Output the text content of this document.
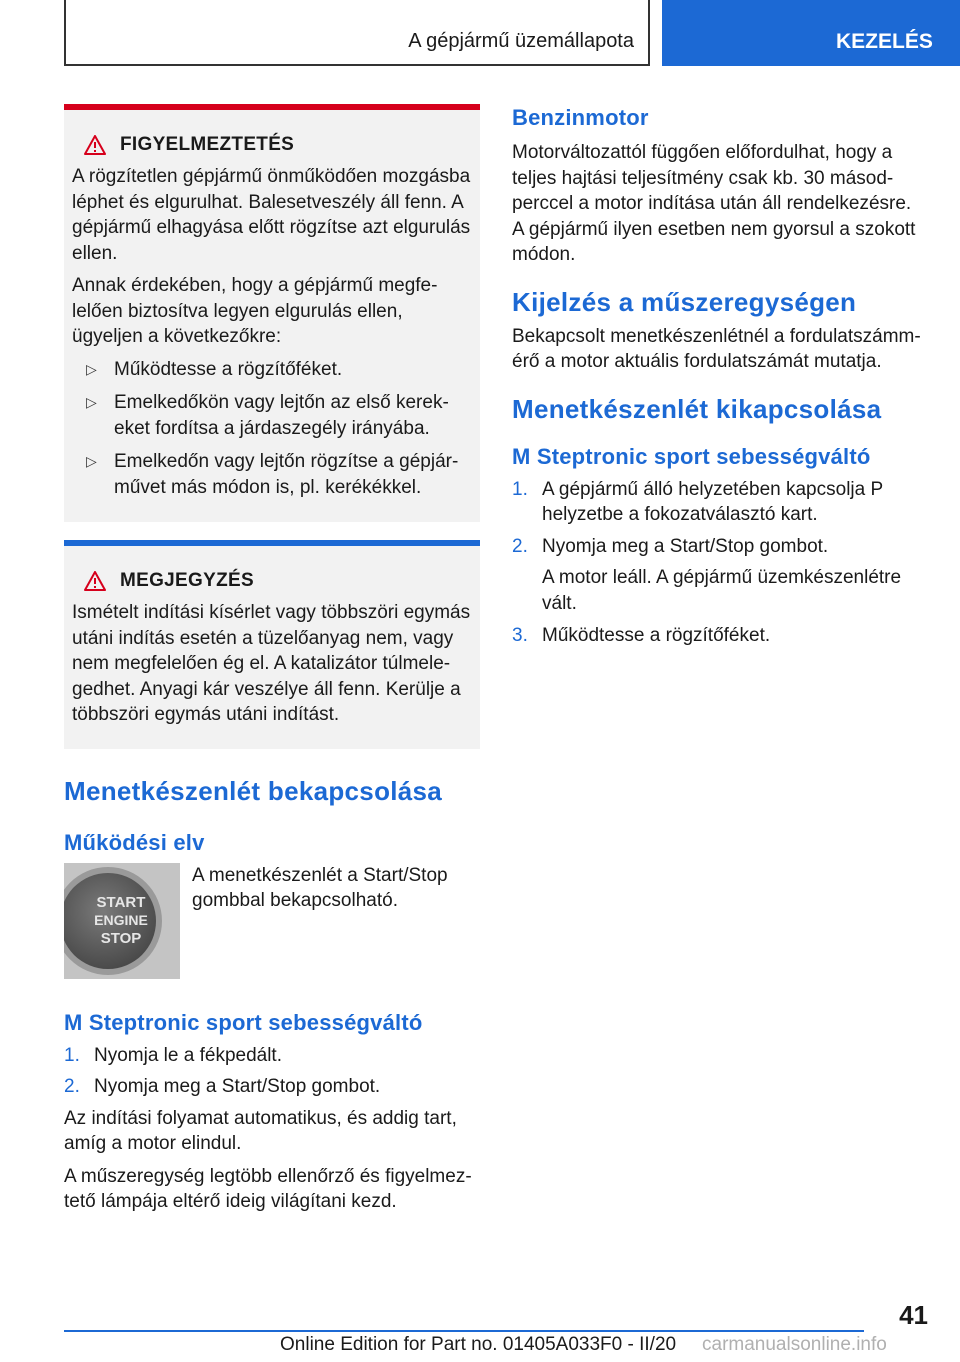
A gépjármű üzemállapota	KEZELÉS
FIGYELMEZTETÉS

A rögzítetlen gépjármű önműködően mozgásba léphet és elgurulhat. Balesetveszély áll fenn. A gépjármű elhagyása előtt rögzítse azt elgurulás ellen.

Annak érdekében, hogy a gépjármű megfe-lelően biztosítva legyen elgurulás ellen, ügyeljen a következőkre:

▷ Működtesse a rögzítőféket.
▷ Emelkedőkön vagy lejtőn az első kerek-eket fordítsa a járdaszegély irányába.
▷ Emelkedőn vagy lejtőn rögzítse a gépjár-művet más módon is, pl. kerékékkel.
MEGJEGYZÉS

Ismételt indítási kísérlet vagy többszöri egymás utáni indítás esetén a tüzelőanyag nem, vagy nem megfelelően ég el. A katalizátor túlmele-gedhet. Anyagi kár veszélye áll fenn. Kerülje a többszöri egymás utáni indítást.

Menetkészenlét bekapcsolása
Működési elv
START
ENGINE
STOP

A menetkészenlét a Start/Stop gombbal bekapcsolható.

M Steptronic sport sebességváltó
1. Nyomja le a fékpedált.
2. Nyomja meg a Start/Stop gombot.

Az indítási folyamat automatikus, és addig tart, amíg a motor elindul.

A műszeregység legtöbb ellenőrző és figyelmez-tető lámpája eltérő ideig világítani kezd.

Benzinmotor

Motorváltozattól függően előfordulhat, hogy a teljes hajtási teljesítmény csak kb. 30 másod-perccel a motor indítása után áll rendelkezésre. A gépjármű ilyen esetben nem gyorsul a szokott módon.

Kijelzés a műszeregységen

Bekapcsolt menetkészenlétnél a fordulatszámm-érő a motor aktuális fordulatszámát mutatja.

Menetkészenlét kikapcsolása
M Steptronic sport sebességváltó
1. A gépjármű álló helyzetében kapcsolja P helyzetbe a fokozatválasztó kart.
2. Nyomja meg a Start/Stop gombot.

A motor leáll. A gépjármű üzemkészenlétre vált.

3. Működtesse a rögzítőféket.
41
Online Edition for Part no. 01405A033F0 - II/20 carmanualsonline.info
